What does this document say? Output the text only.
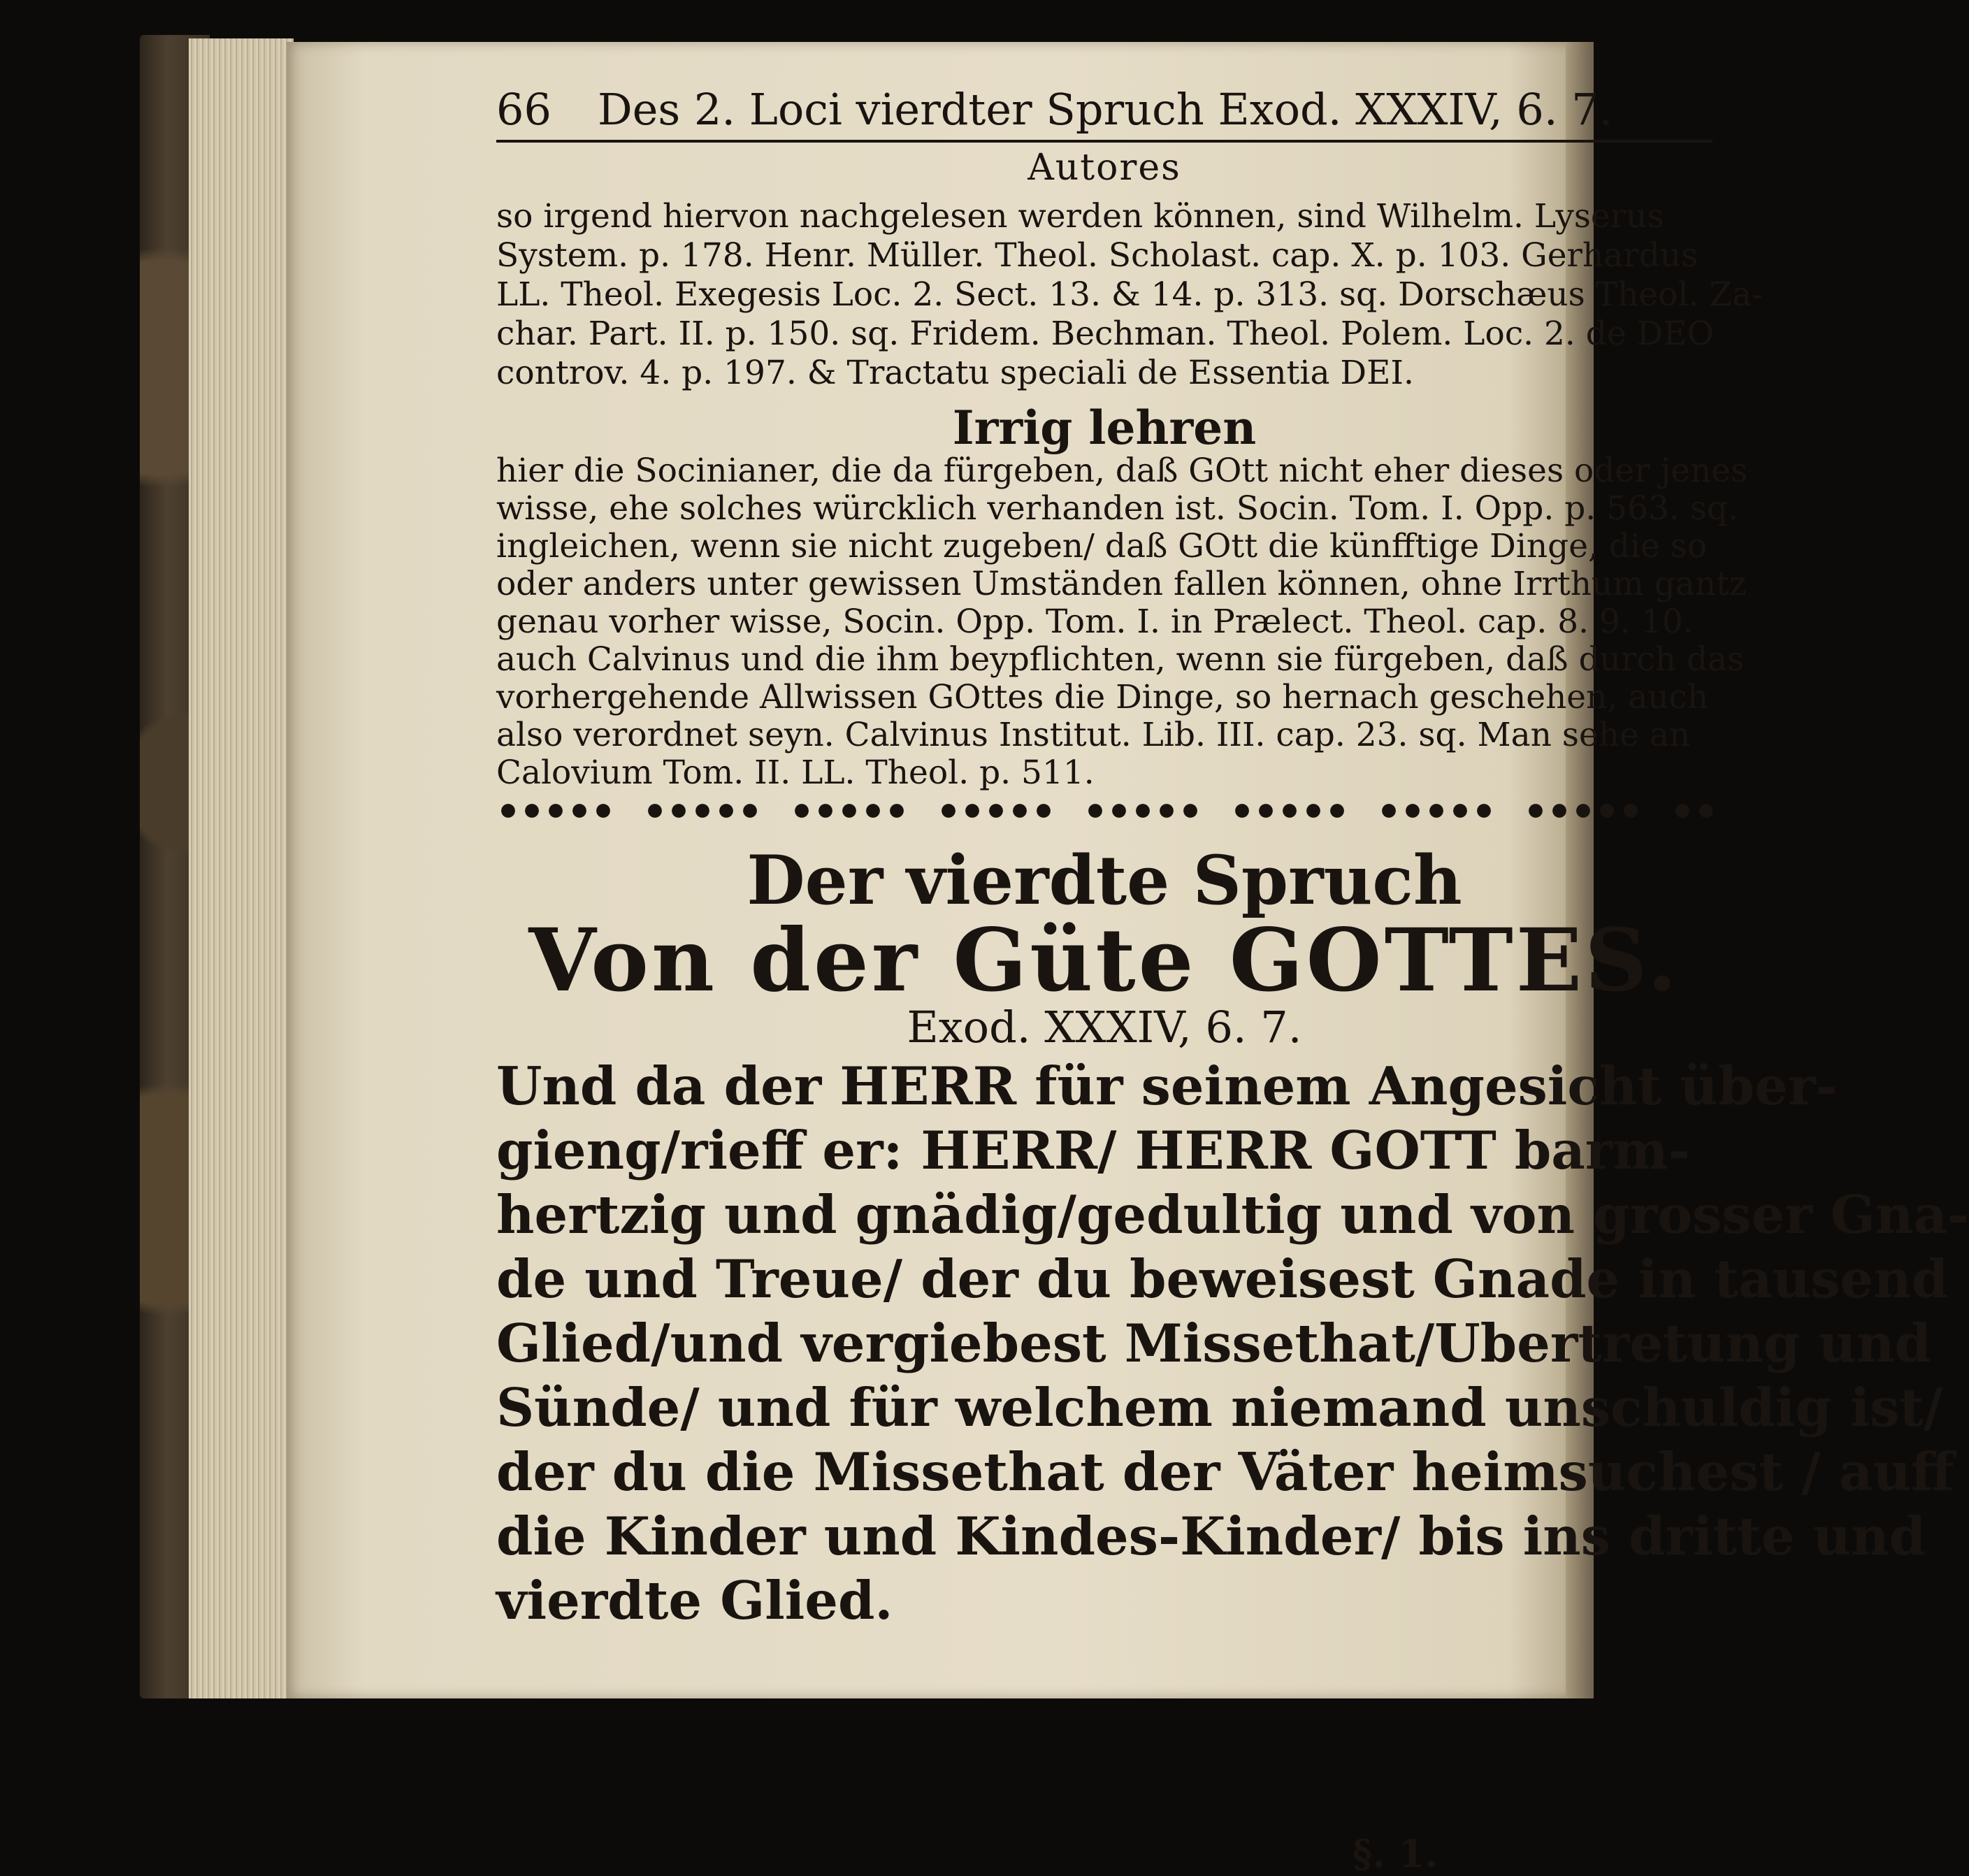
66 Des 2. Loci vierdter Spruch Exod. XXXIV, 6. 7.
Autores
so irgend hiervon nachgelesen werden können, sind Wilhelm. Lyserus
System. p. 178. Henr. Müller. Theol. Scholast. cap. X. p. 103. Gerhardus
LL. Theol. Exegesis Loc. 2. Sect. 13. & 14. p. 313. sq. Dorschæus Theol. Za-
char. Part. II. p. 150. sq. Fridem. Bechman. Theol. Polem. Loc. 2. de DEO
controv. 4. p. 197. & Tractatu speciali de Essentia DEI.
Irrig lehren
hier die Socinianer, die da fürgeben, daß GOtt nicht eher dieses oder jenes
wisse, ehe solches würcklich verhanden ist. Socin. Tom. I. Opp. p. 563. sq.
ingleichen, wenn sie nicht zugeben/ daß GOtt die künfftige Dinge, die so
oder anders unter gewissen Umständen fallen können, ohne Irrthum gantz
genau vorher wisse, Socin. Opp. Tom. I. in Prælect. Theol. cap. 8. 9. 10.
auch Calvinus und die ihm beypflichten, wenn sie fürgeben, daß durch das
vorhergehende Allwissen GOttes die Dinge, so hernach geschehen, auch
also verordnet seyn. Calvinus Institut. Lib. III. cap. 23. sq. Man sehe an
Calovium Tom. II. LL. Theol. p. 511.
Der vierdte Spruch
Von der Güte GOTTES.
Exod. XXXIV, 6. 7.
Und da der HERR für seinem Angesicht über-
gieng/rieff er: HERR/ HERR GOTT barm-
hertzig und gnädig/gedultig und von grosser Gna-
de und Treue/ der du beweisest Gnade in tausend
Glied/und vergiebest Missethat/Ubertretung und
Sünde/ und für welchem niemand unschuldig ist/
der du die Missethat der Väter heimsuchest / auff
die Kinder und Kindes-Kinder/ bis ins dritte und
vierdte Glied.
§. 1.
